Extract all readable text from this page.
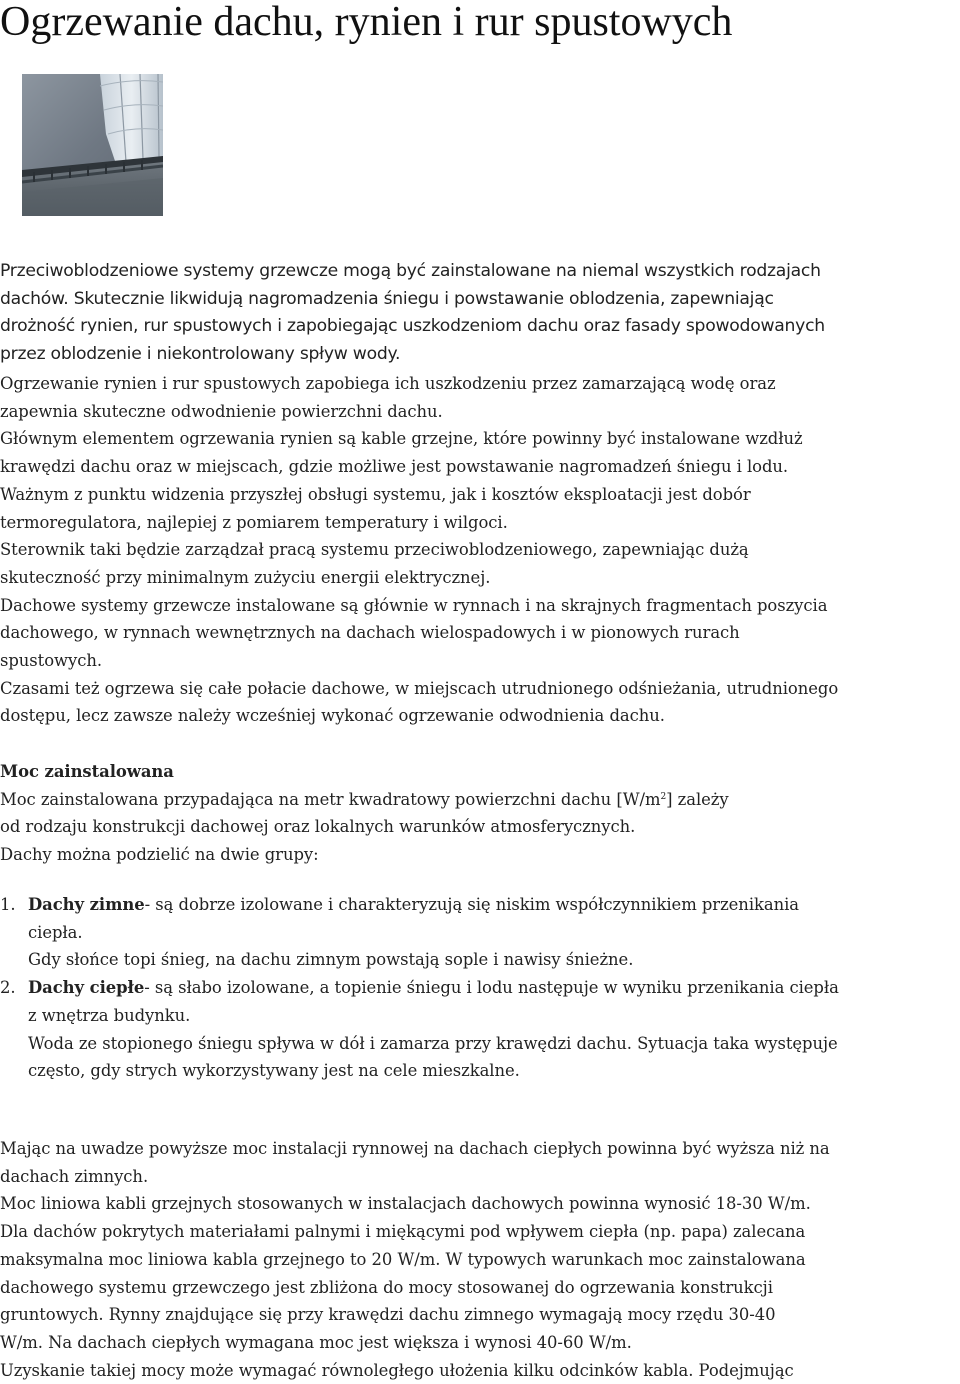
Ogrzewanie dachu, rynien i rur spustowych

Przeciwoblodzeniowe systemy grzewcze mogą być zainstalowane na niemal wszystkich rodzajach

dachów. Skutecznie likwidują nagromadzenia śniegu i powstawanie oblodzenia, zapewniając

drożność rynien, rur spustowych i zapobiegając uszkodzeniom dachu oraz fasady spowodowanych

przez oblodzenie i niekontrolowany spływ wody.

Ogrzewanie rynien i rur spustowych zapobiega ich uszkodzeniu przez zamarzającą wodę oraz

zapewnia skuteczne odwodnienie powierzchni dachu.

Głównym elementem ogrzewania rynien są kable grzejne, które powinny być instalowane wzdłuż

krawędzi dachu oraz w miejscach, gdzie możliwe jest powstawanie nagromadzeń śniegu i lodu.

Ważnym z punktu widzenia przyszłej obsługi systemu, jak i kosztów eksploatacji jest dobór

termoregulatora, najlepiej z pomiarem temperatury i wilgoci.

Sterownik taki będzie zarządzał pracą systemu przeciwoblodzeniowego, zapewniając dużą

skuteczność przy minimalnym zużyciu energii elektrycznej.

Dachowe systemy grzewcze instalowane są głównie w rynnach i na skrajnych fragmentach poszycia

dachowego, w rynnach wewnętrznych na dachach wielospadowych i w pionowych rurach

spustowych.

Czasami też ogrzewa się całe połacie dachowe, w miejscach utrudnionego odśnieżania, utrudnionego

dostępu, lecz zawsze należy wcześniej wykonać ogrzewanie odwodnienia dachu.

Moc zainstalowana

Moc zainstalowana przypadająca na metr kwadratowy powierzchni dachu $[W/m^2]$ zależy

od rodzaju konstrukcji dachowej oraz lokalnych warunków atmosferycznych.

Dachy można podzielić na dwie grupy:

1. Dachy zimne- są dobrze izolowane i charakteryzują się niskim współczynnikiem przenikania

ciepła.

Gdy słońce topi śnieg, na dachu zimnym powstają sople i nawisy śnieżne.

2. Dachy ciepłe- są słabo izolowane, a topienie śniegu i lodu następuje w wyniku przenikania ciepła

z wnętrza budynku.

Woda ze stopionego śniegu spływa w dół i zamarza przy krawędzi dachu. Sytuacja taka występuje

często, gdy strych wykorzystywany jest na cele mieszkalne.

Mając na uwadze powyższe moc instalacji rynnowej na dachach ciepłych powinna być wyższa niż na

dachach zimnych.

Moc liniowa kabli grzejnych stosowanych w instalacjach dachowych powinna wynosić 18-30 W/m.

Dla dachów pokrytych materiałami palnymi i miękącymi pod wpływem ciepła (np. papa) zalecana

maksymalna moc liniowa kabla grzejnego to 20 W/m. W typowych warunkach moc zainstalowana

dachowego systemu grzewczego jest zbliżona do mocy stosowanej do ogrzewania konstrukcji

gruntowych. Rynny znajdujące się przy krawędzi dachu zimnego wymagają mocy rzędu 30-40

W/m. Na dachach ciepłych wymagana moc jest większa i wynosi 40-60 W/m.

Uzyskanie takiej mocy może wymagać równoległego ułożenia kilku odcinków kabla. Podejmując
